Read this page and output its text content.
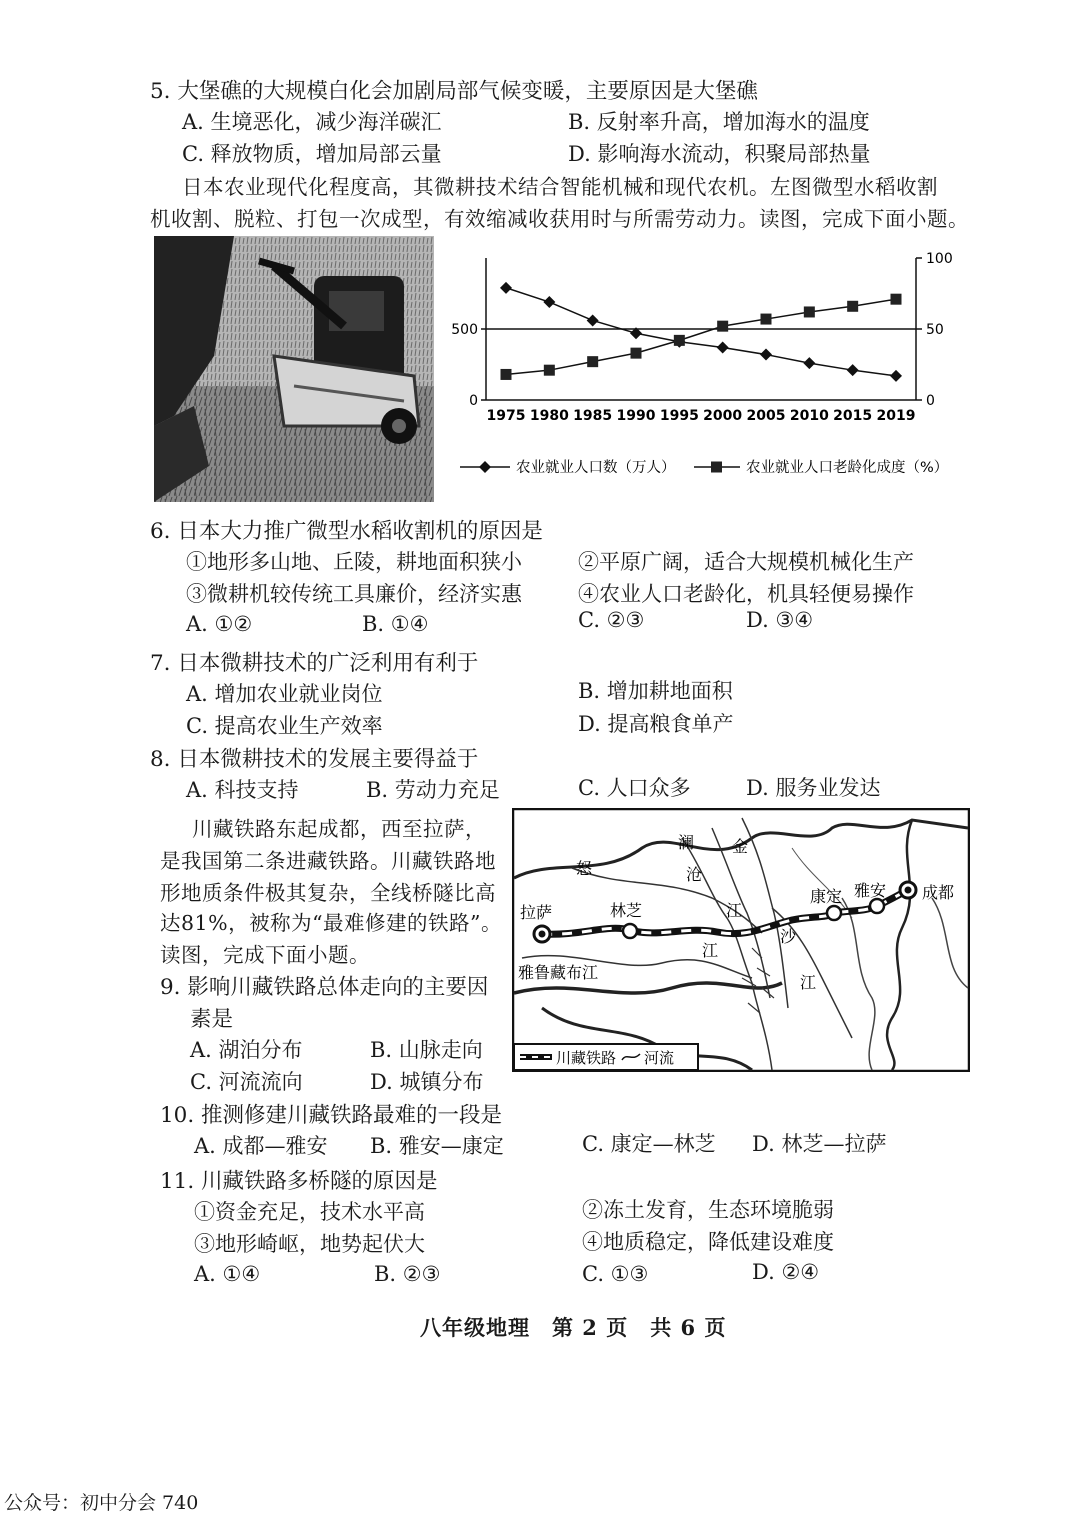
5. 大堡礁的大规模白化会加剧局部气候变暖，主要原因是大堡礁
A. 生境恶化，减少海洋碳汇	B. 反射率升高，增加海水的温度
C. 释放物质，增加局部云量	D. 影响海水流动，积聚局部热量
日本农业现代化程度高，其微耕技术结合智能机械和现代农机。左图微型水稻收割
机收割、脱粒、打包一次成型，有效缩减收获用时与所需劳动力。读图，完成下面小题。
0
500
0
50
100
1975 1980 1985 1990 1995 2000 2005 2010 2015 2019
农业就业人口数（万人）	农业就业人口老龄化成度（%）
6. 日本大力推广微型水稻收割机的原因是
①地形多山地、丘陵，耕地面积狭小	②平原广阔，适合大规模机械化生产
③微耕机较传统工具廉价，经济实惠	④农业人口老龄化，机具轻便易操作
A. ①②	B. ①④	C. ②③	D. ③④
7. 日本微耕技术的广泛利用有利于
A. 增加农业就业岗位	B. 增加耕地面积
C. 提高农业生产效率	D. 提高粮食单产
8. 日本微耕技术的发展主要得益于
A. 科技支持	B. 劳动力充足	C. 人口众多	D. 服务业发达
川藏铁路东起成都，西至拉萨，
是我国第二条进藏铁路。川藏铁路地
形地质条件极其复杂，全线桥隧比高
达81%，被称为“最难修建的铁路”。
读图，完成下面小题。
拉萨	林芝
康定 雅安 成都
怒
澜
沧
金
沙
江
江
江
雅鲁藏布江
川藏铁路 河流
9. 影响川藏铁路总体走向的主要因
素是
A. 湖泊分布	B. 山脉走向
C. 河流流向	D. 城镇分布
10. 推测修建川藏铁路最难的一段是
A. 成都—雅安 B. 雅安—康定	C. 康定—林芝 D. 林芝—拉萨
11. 川藏铁路多桥隧的原因是
①资金充足，技术水平高	②冻土发育，生态环境脆弱
③地形崎岖，地势起伏大	④地质稳定，降低建设难度
A. ①④	B. ②③	C. ①③	D. ②④
八年级地理　第 2 页　共 6 页
公众号：初中分会 740
